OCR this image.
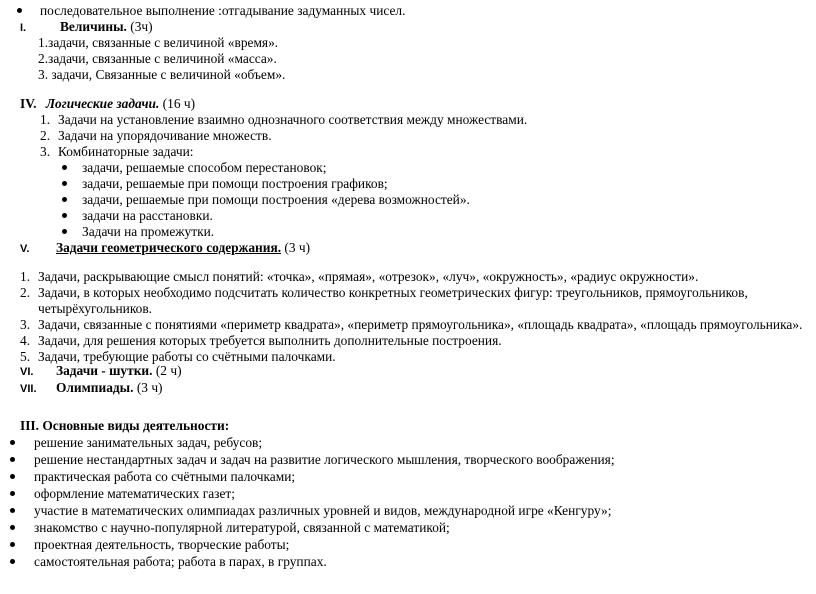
последовательное выполнение :отгадывание задуманных чисел.
I.	Величины. (3ч)
1.задачи, связанные с величиной «время».
2.задачи, связанные с величиной «масса».
3. задачи, Связанные с величиной «объем».
IV. Логические задачи. (16 ч)
1. Задачи на установление взаимно однозначного соответствия между множествами.
2. Задачи на упорядочивание множеств.
3. Комбинаторные задачи:
задачи, решаемые способом перестановок;
задачи, решаемые при помощи построения графиков;
задачи, решаемые при помощи построения «дерева возможностей».
задачи на расстановки.
Задачи на промежутки.
V. Задачи геометрического содержания. (3 ч)
1. Задачи, раскрывающие смысл понятий: «точка», «прямая», «отрезок», «луч», «окружность», «радиус окружности».
2. Задачи, в которых необходимо подсчитать количество конкретных геометрических фигур: треугольников, прямоугольников,
четырёхугольников.
3. Задачи, связанные с понятиями «периметр квадрата», «периметр прямоугольника», «площадь квадрата», «площадь прямоугольника».
4. Задачи, для решения которых требуется выполнить дополнительные построения.
5. Задачи, требующие работы со счётными палочками.
VI. Задачи - шутки. (2 ч)
VII. Олимпиады. (3 ч)
III. Основные виды деятельности:
решение занимательных задач, ребусов;
решение нестандартных задач и задач на развитие логического мышления, творческого воображения;
практическая работа со счётными палочками;
оформление математических газет;
участие в математических олимпиадах различных уровней и видов, международной игре «Кенгуру»;
знакомство с научно-популярной литературой, связанной с математикой;
проектная деятельность, творческие работы;
самостоятельная работа; работа в парах, в группах.
